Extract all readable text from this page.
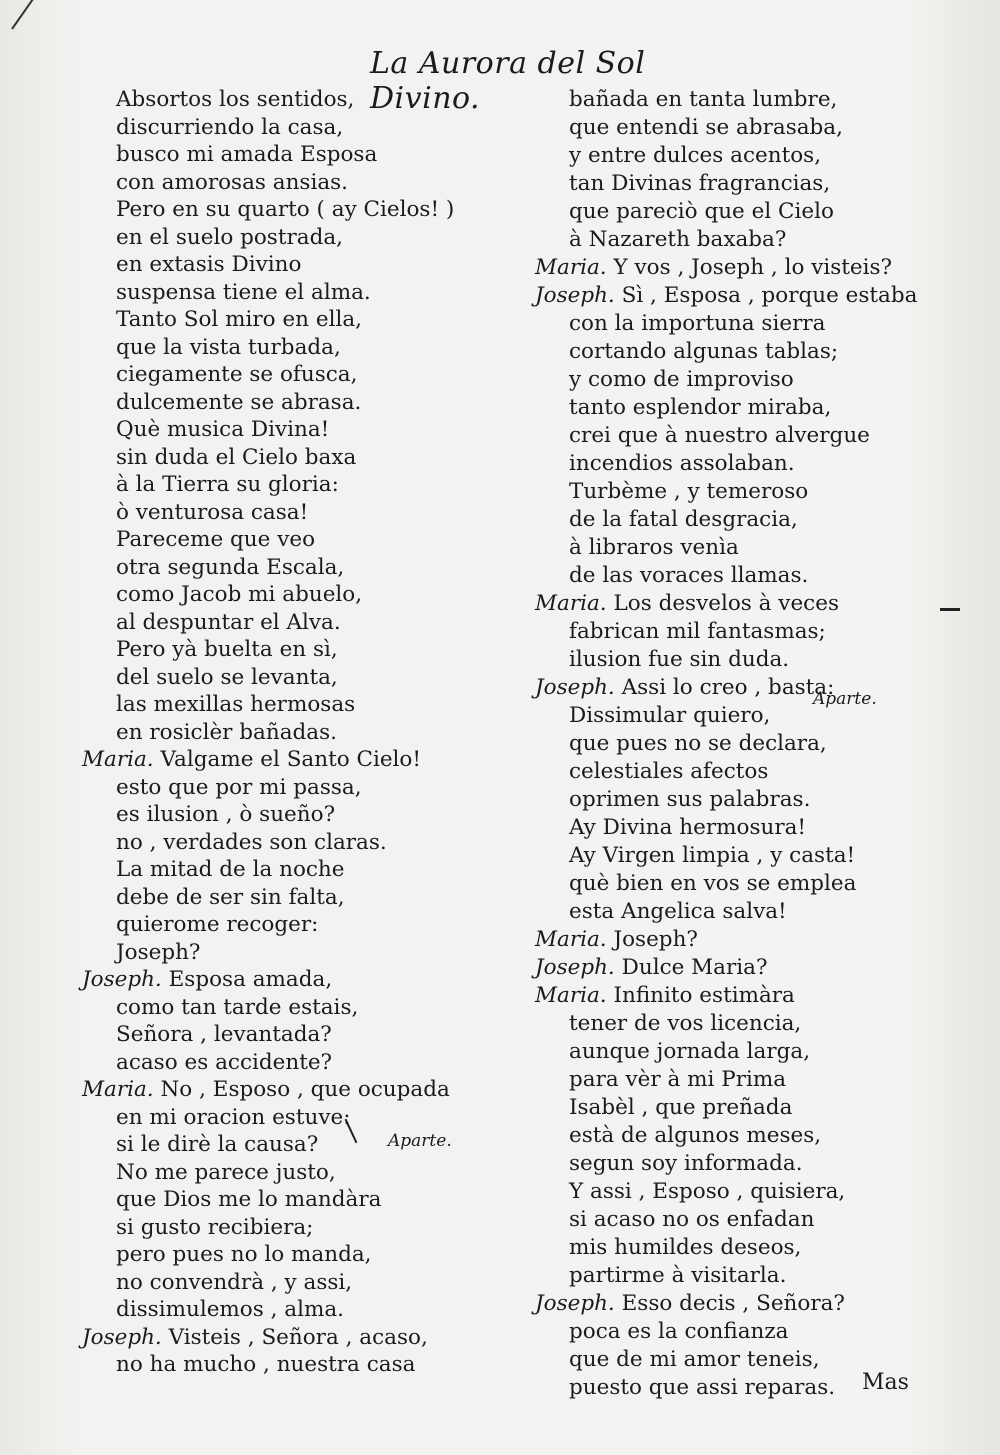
La Aurora del Sol Divino.
Absortos los sentidos,
discurriendo la casa,
busco mi amada Esposa
con amorosas ansias.
Pero en su quarto ( ay Cielos! )
en el suelo postrada,
en extasis Divino
suspensa tiene el alma.
Tanto Sol miro en ella,
que la vista turbada,
ciegamente se ofusca,
dulcemente se abrasa.
Què musica Divina!
sin duda el Cielo baxa
à la Tierra su gloria:
ò venturosa casa!
Pareceme que veo
otra segunda Escala,
como Jacob mi abuelo,
al despuntar el Alva.
Pero yà buelta en sì,
del suelo se levanta,
las mexillas hermosas
en rosiclèr bañadas.
Maria. Valgame el Santo Cielo!
esto que por mi passa,
es ilusion , ò sueño?
no , verdades son claras.
La mitad de la noche
debe de ser sin falta,
quierome recoger:
Joseph?
Joseph. Esposa amada,
como tan tarde estais,
Señora , levantada?
acaso es accidente?
Maria. No , Esposo , que ocupada
en mi oracion estuve:
si le dirè la causa?
No me parece justo,
que Dios me lo mandàra
si gusto recibiera;
pero pues no lo manda,
no convendrà , y assi,
dissimulemos , alma.
Joseph. Visteis , Señora , acaso,
no ha mucho , nuestra casa
bañada en tanta lumbre,
que entendi se abrasaba,
y entre dulces acentos,
tan Divinas fragrancias,
que pareciò que el Cielo
à Nazareth baxaba?
Maria. Y vos , Joseph , lo visteis?
Joseph. Sì , Esposa , porque estaba
con la importuna sierra
cortando algunas tablas;
y como de improviso
tanto esplendor miraba,
crei que à nuestro alvergue
incendios assolaban.
Turbème , y temeroso
de la fatal desgracia,
à libraros venìa
de las voraces llamas.
Maria. Los desvelos à veces
fabrican mil fantasmas;
ilusion fue sin duda.
Joseph. Assi lo creo , basta:
Dissimular quiero,
que pues no se declara,
celestiales afectos
oprimen sus palabras.
Ay Divina hermosura!
Ay Virgen limpia , y casta!
què bien en vos se emplea
esta Angelica salva!
Maria. Joseph?
Joseph. Dulce Maria?
Maria. Infinito estimàra
tener de vos licencia,
aunque jornada larga,
para vèr à mi Prima
Isabèl , que preñada
està de algunos meses,
segun soy informada.
Y assi , Esposo , quisiera,
si acaso no os enfadan
mis humildes deseos,
partirme à visitarla.
Joseph. Esso decis , Señora?
poca es la confianza
que de mi amor teneis,
puesto que assi reparas.
Aparte.
Aparte.
Mas
